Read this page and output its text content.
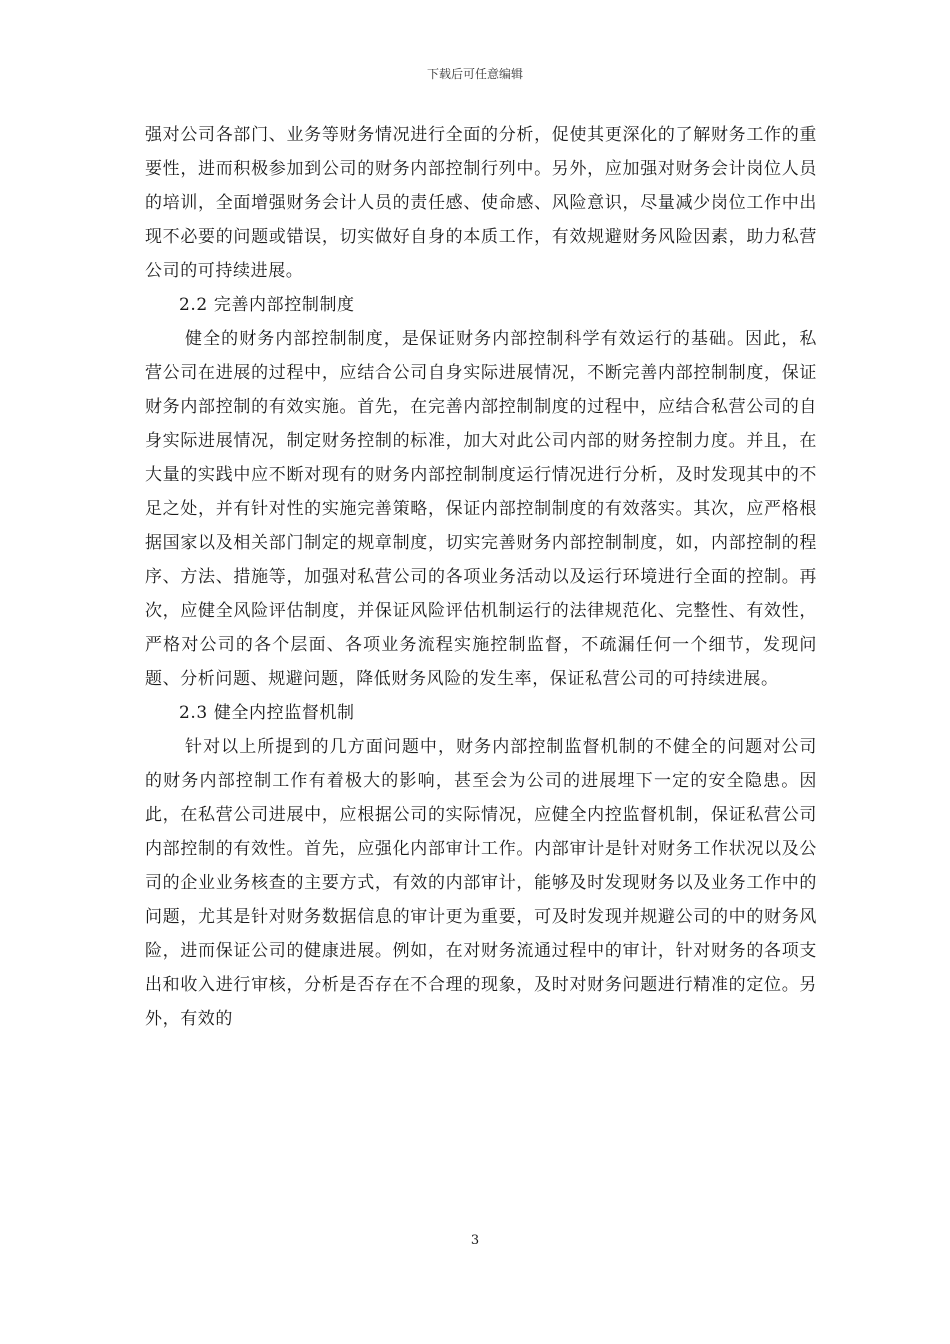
下载后可任意编辑

强对公司各部门、业务等财务情况进行全面的分析，促使其更深化的了解财务工作的重要性，进而积极参加到公司的财务内部控制行列中。另外，应加强对财务会计岗位人员的培训，全面增强财务会计人员的责任感、使命感、风险意识，尽量减少岗位工作中出现不必要的问题或错误，切实做好自身的本质工作，有效规避财务风险因素，助力私营公司的可持续进展。

2.2 完善内部控制制度

健全的财务内部控制制度，是保证财务内部控制科学有效运行的基础。因此，私营公司在进展的过程中，应结合公司自身实际进展情况，不断完善内部控制制度，保证财务内部控制的有效实施。首先，在完善内部控制制度的过程中，应结合私营公司的自身实际进展情况，制定财务控制的标准，加大对此公司内部的财务控制力度。并且，在大量的实践中应不断对现有的财务内部控制制度运行情况进行分析，及时发现其中的不足之处，并有针对性的实施完善策略，保证内部控制制度的有效落实。其次，应严格根据国家以及相关部门制定的规章制度，切实完善财务内部控制制度，如，内部控制的程序、方法、措施等，加强对私营公司的各项业务活动以及运行环境进行全面的控制。再次，应健全风险评估制度，并保证风险评估机制运行的法律规范化、完整性、有效性，严格对公司的各个层面、各项业务流程实施控制监督，不疏漏任何一个细节，发现问题、分析问题、规避问题，降低财务风险的发生率，保证私营公司的可持续进展。

2.3 健全内控监督机制

针对以上所提到的几方面问题中，财务内部控制监督机制的不健全的问题对公司的财务内部控制工作有着极大的影响，甚至会为公司的进展埋下一定的安全隐患。因此，在私营公司进展中，应根据公司的实际情况，应健全内控监督机制，保证私营公司内部控制的有效性。首先，应强化内部审计工作。内部审计是针对财务工作状况以及公司的企业业务核查的主要方式，有效的内部审计，能够及时发现财务以及业务工作中的问题，尤其是针对财务数据信息的审计更为重要，可及时发现并规避公司的中的财务风险，进而保证公司的健康进展。例如，在对财务流通过程中的审计，针对财务的各项支出和收入进行审核，分析是否存在不合理的现象，及时对财务问题进行精准的定位。另外，有效的

3
